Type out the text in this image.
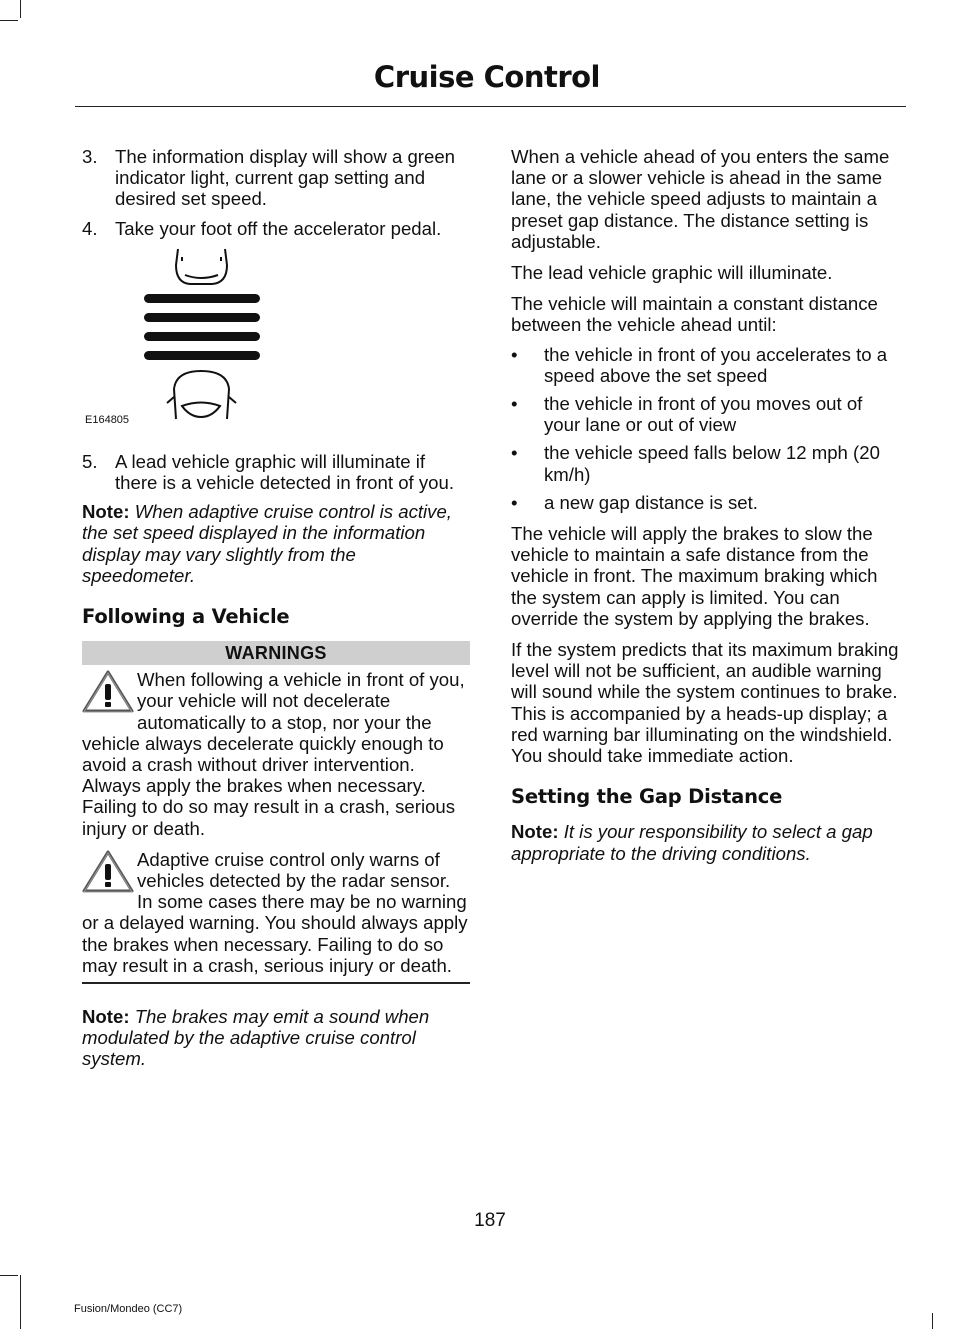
Cruise Control
3. The information display will show a green indicator light, current gap setting and desired set speed.
4. Take your foot off the accelerator pedal.
E164805
5. A lead vehicle graphic will illuminate if there is a vehicle detected in front of you.

Note: When adaptive cruise control is active, the set speed displayed in the information display may vary slightly from the speedometer.

Following a Vehicle
WARNINGS
When following a vehicle in front of you, your vehicle will not decelerate automatically to a stop, nor your the vehicle always decelerate quickly enough to avoid a crash without driver intervention. Always apply the brakes when necessary. Failing to do so may result in a crash, serious injury or death.
Adaptive cruise control only warns of vehicles detected by the radar sensor. In some cases there may be no warning or a delayed warning. You should always apply the brakes when necessary. Failing to do so may result in a crash, serious injury or death.

Note: The brakes may emit a sound when modulated by the adaptive cruise control system.

When a vehicle ahead of you enters the same lane or a slower vehicle is ahead in the same lane, the vehicle speed adjusts to maintain a preset gap distance. The distance setting is adjustable.

The lead vehicle graphic will illuminate.

The vehicle will maintain a constant distance between the vehicle ahead until:

•	the vehicle in front of you accelerates to a speed above the set speed
•	the vehicle in front of you moves out of your lane or out of view
•	the vehicle speed falls below 12 mph (20 km/h)
•	a new gap distance is set.

The vehicle will apply the brakes to slow the vehicle to maintain a safe distance from the vehicle in front. The maximum braking which the system can apply is limited. You can override the system by applying the brakes.

If the system predicts that its maximum braking level will not be sufficient, an audible warning will sound while the system continues to brake. This is accompanied by a heads-up display; a red warning bar illuminating on the windshield. You should take immediate action.

Setting the Gap Distance

Note: It is your responsibility to select a gap appropriate to the driving conditions.

187
Fusion/Mondeo (CC7)
